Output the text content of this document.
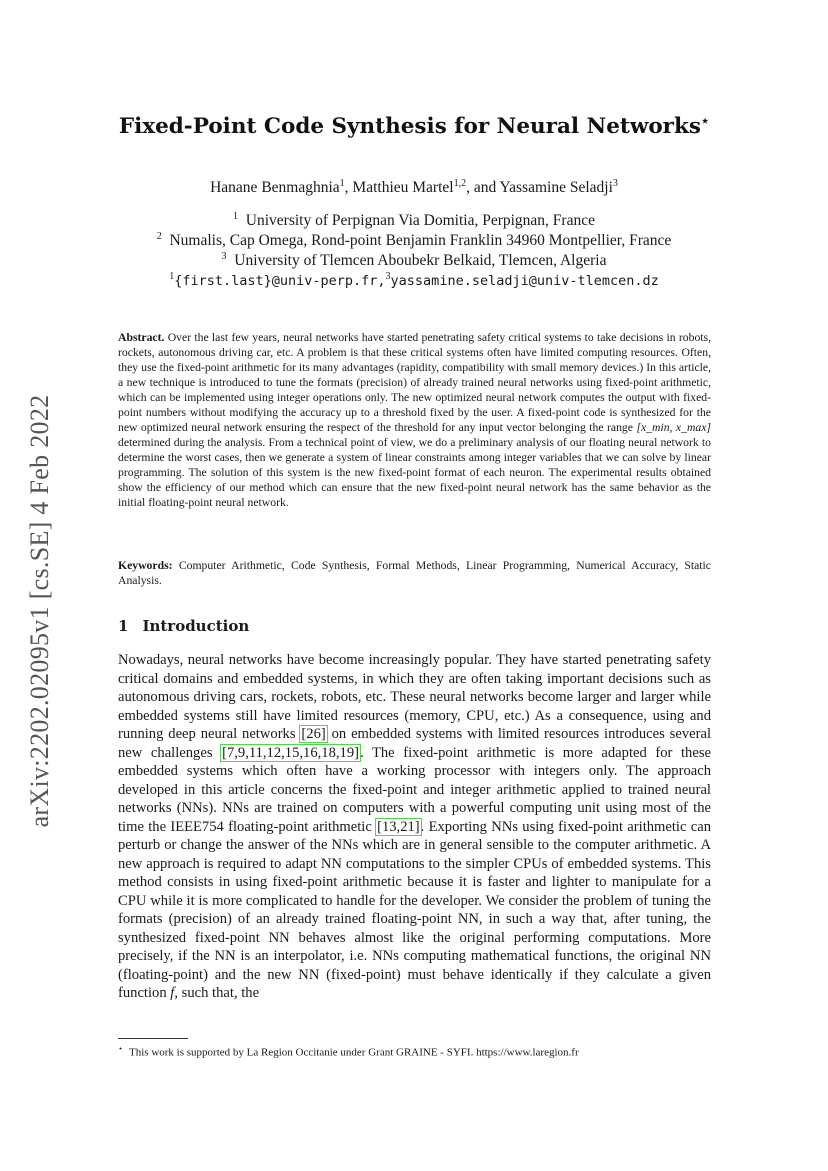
arXiv:2202.02095v1 [cs.SE] 4 Feb 2022
Fixed-Point Code Synthesis for Neural Networks⋆
Hanane Benmaghnia$^1$, Matthieu Martel$^{1,2}$, and Yassamine Seladji$^3$
$^1$ University of Perpignan Via Domitia, Perpignan, France
$^2$ Numalis, Cap Omega, Rond-point Benjamin Franklin 34960 Montpellier, France
$^3$ University of Tlemcen Aboubekr Belkaid, Tlemcen, Algeria
$^1${first.last}@univ-perp.fr,$^3$yassamine.seladji@univ-tlemcen.dz
Abstract. Over the last few years, neural networks have started penetrating safety critical systems to take decisions in robots, rockets, autonomous driving car, etc. A problem is that these critical systems often have limited computing resources. Often, they use the fixed-point arithmetic for its many advantages (rapidity, compatibility with small memory devices.) In this article, a new technique is introduced to tune the formats (precision) of already trained neural networks using fixed-point arithmetic, which can be implemented using integer operations only. The new optimized neural network computes the output with fixed-point numbers without modifying the accuracy up to a threshold fixed by the user. A fixed-point code is synthesized for the new optimized neural network ensuring the respect of the threshold for any input vector belonging the range [x_min, x_max] determined during the analysis. From a technical point of view, we do a preliminary analysis of our floating neural network to determine the worst cases, then we generate a system of linear constraints among integer variables that we can solve by linear programming. The solution of this system is the new fixed-point format of each neuron. The experimental results obtained show the efficiency of our method which can ensure that the new fixed-point neural network has the same behavior as the initial floating-point neural network.
Keywords: Computer Arithmetic, Code Synthesis, Formal Methods, Linear Programming, Numerical Accuracy, Static Analysis.
1 Introduction
Nowadays, neural networks have become increasingly popular. They have started penetrating safety critical domains and embedded systems, in which they are often taking important decisions such as autonomous driving cars, rockets, robots, etc. These neural networks become larger and larger while embedded systems still have limited resources (memory, CPU, etc.) As a consequence, using and running deep neural networks [26] on embedded systems with limited resources introduces several new challenges [7,9,11,12,15,16,18,19]. The fixed-point arithmetic is more adapted for these embedded systems which often have a working processor with integers only. The approach developed in this article concerns the fixed-point and integer arithmetic applied to trained neural networks (NNs). NNs are trained on computers with a powerful computing unit using most of the time the IEEE754 floating-point arithmetic [13,21]. Exporting NNs using fixed-point arithmetic can perturb or change the answer of the NNs which are in general sensible to the computer arithmetic. A new approach is required to adapt NN computations to the simpler CPUs of embedded systems. This method consists in using fixed-point arithmetic because it is faster and lighter to manipulate for a CPU while it is more complicated to handle for the developer. We consider the problem of tuning the formats (precision) of an already trained floating-point NN, in such a way that, after tuning, the synthesized fixed-point NN behaves almost like the original performing computations. More precisely, if the NN is an interpolator, i.e. NNs computing mathematical functions, the original NN (floating-point) and the new NN (fixed-point) must behave identically if they calculate a given function f, such that, the
⋆ This work is supported by La Region Occitanie under Grant GRAINE - SYFI. https://www.laregion.fr
